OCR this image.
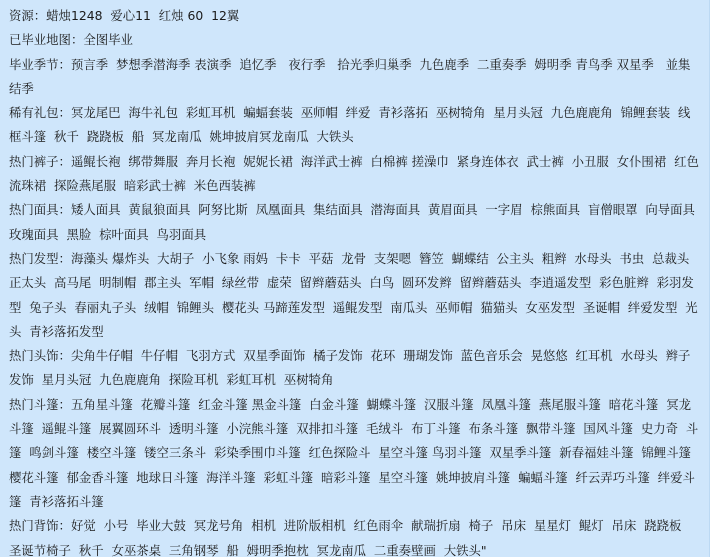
资源：蜡烛1248  爱心11  红烛 60  12翼

已毕业地图：全图毕业

毕业季节：预言季  梦想季潜海季 表演季  追忆季   夜行季   拾光季归巢季  九色鹿季  二重奏季  姆明季 青鸟季 双星季   並集结季

稀有礼包：冥龙尾巴  海牛礼包  彩虹耳机  蝙蝠套装  巫师帽  绊爱  青衫落拓  巫树犄角  星月头冠  九色鹿鹿角  锦鲤套装  线框斗篷  秋千  跷跷板  船  冥龙南瓜  姚坤披肩冥龙南瓜  大铁头

热门裤子：遥鲲长袍  绑带舞服  奔月长袍  妮妮长裙  海洋武士裤  白棉裤 搓澡巾  紧身连体衣  武士裤  小丑服  女仆围裙  红色流珠裙  探险燕尾服  暗彩武士裤  米色西装裤

热门面具：矮人面具  黄鼠狼面具  阿努比斯  凤凰面具  集结面具  潜海面具  黄眉面具  一字眉  棕熊面具  盲僧眼罩  向导面具  玫瑰面具  黑脸  棕叶面具  鸟羽面具

热门发型：海藻头 爆炸头  大胡子  小飞象 雨妈  卡卡  平菇  龙骨  支架嗯  簪笠  蝴蝶结  公主头  粗辫  水母头  书虫  总裁头  正太头  高马尾  明制帽  郡主头  军帽  绿丝带  虚荣  留辫蘑菇头  白鸟  圆环发辫  留辫蘑菇头  李逍遥发型  彩色脏辫  彩羽发型  兔子头  春丽丸子头  绒帽  锦鲤头  樱花头 马蹄莲发型  遥鲲发型  南瓜头  巫师帽  猫猫头  女巫发型  圣诞帽  绊爱发型  光头  青衫落拓发型

热门头饰：尖角牛仔帽  牛仔帽  飞羽方式  双星季面饰  橘子发饰  花环  珊瑚发饰  蓝色音乐会  晃悠悠  红耳机  水母头  辫子发饰  星月头冠  九色鹿鹿角  探险耳机  彩虹耳机  巫树犄角

热门斗篷：五角星斗篷  花瓣斗篷  红金斗篷 黑金斗篷  白金斗篷  蝴蝶斗篷  汉服斗篷  凤凰斗篷  燕尾服斗篷  暗花斗篷  冥龙斗篷  遥鲲斗篷  展翼圆环斗  透明斗篷  小浣熊斗篷  双排扣斗篷  毛绒斗  布丁斗篷  布条斗篷  飘带斗篷  国风斗篷  史力奇  斗篷  鸣剑斗篷  楼空斗篷  镂空三条斗  彩染季围巾斗篷  红色探险斗  星空斗篷 鸟羽斗篷  双星季斗篷  新春福娃斗篷  锦鲤斗篷  樱花斗篷  郁金香斗篷  地球日斗篷  海洋斗篷  彩虹斗篷  暗彩斗篷  星空斗篷  姚坤披肩斗篷  蝙蝠斗篷  纤云弄巧斗篷  绊爱斗篷  青衫落拓斗篷

热门背饰：好觉  小号  毕业大鼓  冥龙号角  相机  进阶版相机  红色雨伞  献瑞折扇  椅子  吊床  星星灯  鲲灯  吊床  跷跷板  圣诞节椅子  秋千  女巫茶桌  三角钢琴  船  姆明季抱枕  冥龙南瓜  二重奏壁画  大铁头"
